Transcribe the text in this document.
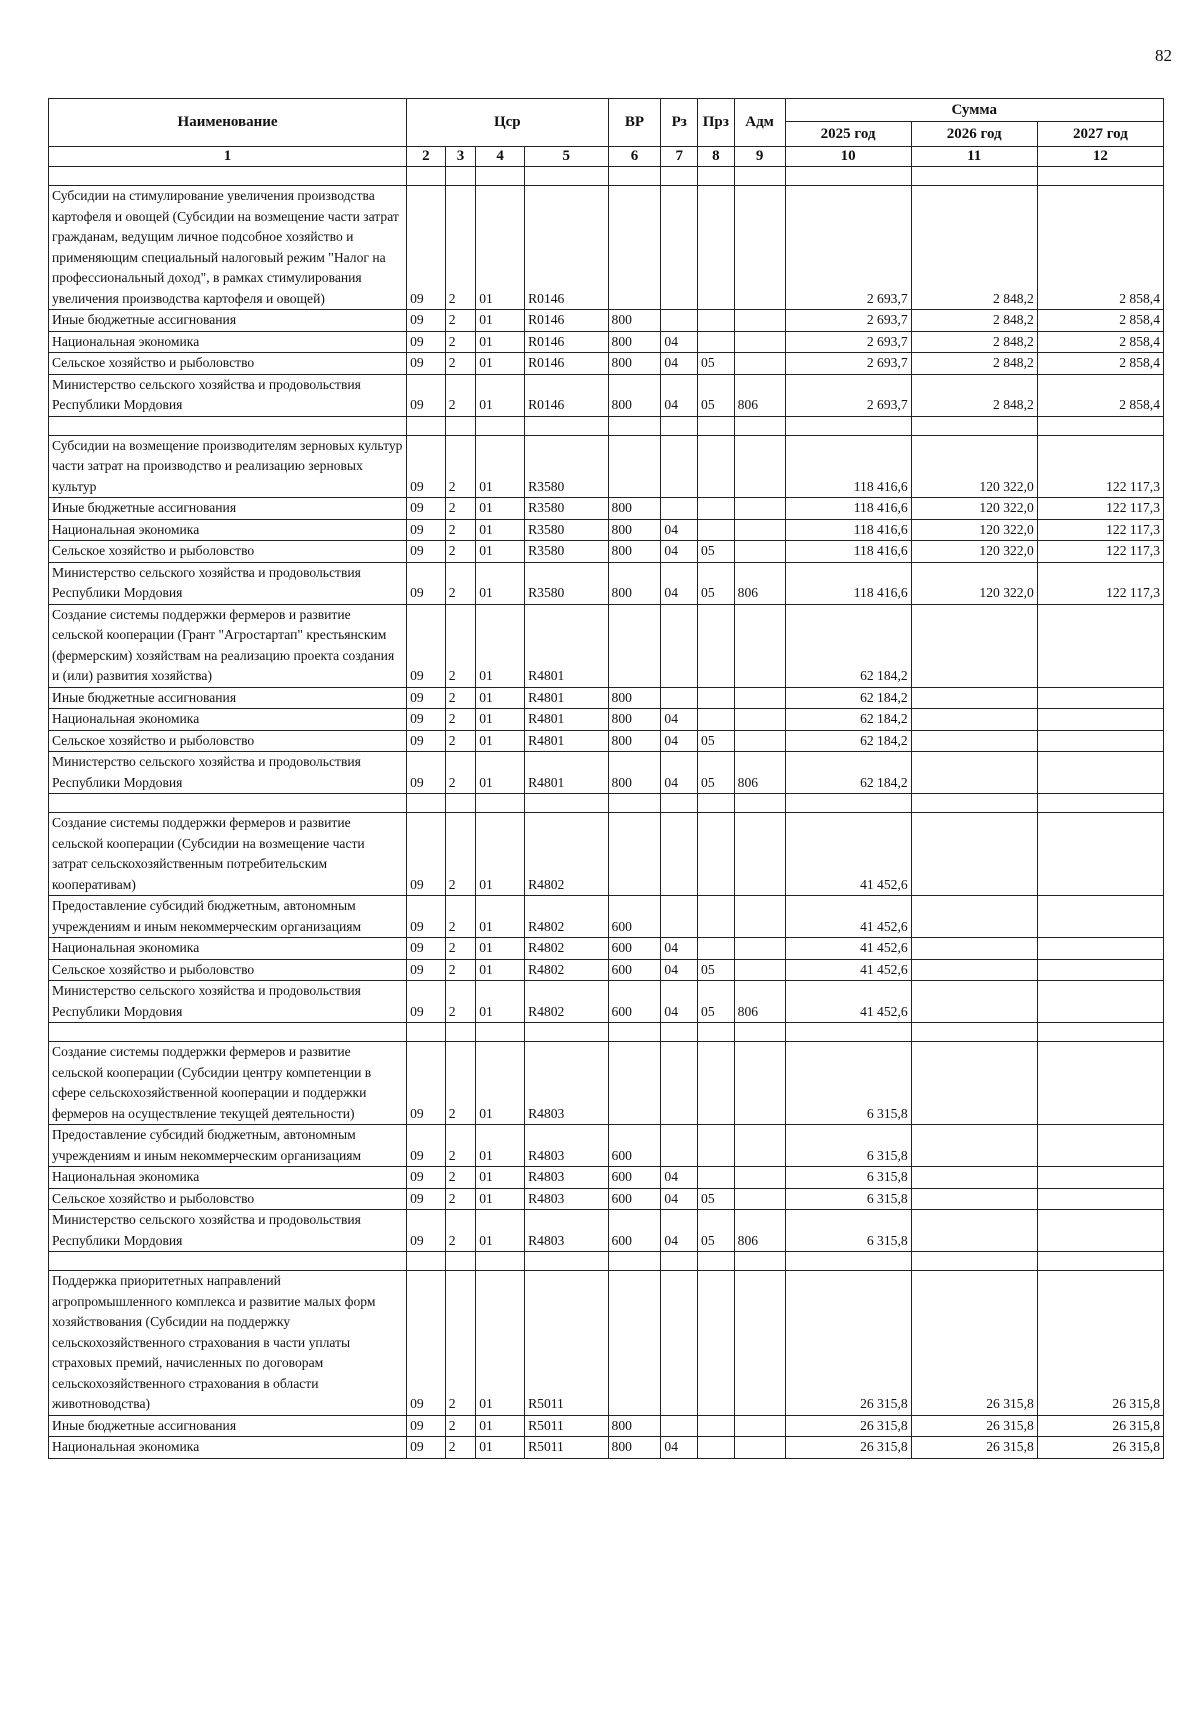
82
Наименование	Цср				ВР	Рз	Прз	Адм	Сумма		
									2025 год	2026 год	2027 год
1	2	3	4	5	6	7	8	9	10	11	12

Субсидии на стимулирование увеличения производства картофеля и овощей (Субсидии на возмещение части затрат гражданам, ведущим личное подсобное хозяйство и применяющим специальный налоговый режим "Налог на профессиональный доход", в рамках стимулирования увеличения производства картофеля и овощей)	09	2	01	R0146					2 693,7	2 848,2	2 858,4
Иные бюджетные ассигнования	09	2	01	R0146	800				2 693,7	2 848,2	2 858,4
Национальная экономика	09	2	01	R0146	800	04			2 693,7	2 848,2	2 858,4
Сельское хозяйство и рыболовство	09	2	01	R0146	800	04	05		2 693,7	2 848,2	2 858,4
Министерство сельского хозяйства и продовольствия Республики Мордовия	09	2	01	R0146	800	04	05	806	2 693,7	2 848,2	2 858,4

Субсидии на возмещение производителям зерновых культур части затрат на производство и реализацию зерновых культур	09	2	01	R3580					118 416,6	120 322,0	122 117,3
Иные бюджетные ассигнования	09	2	01	R3580	800				118 416,6	120 322,0	122 117,3
Национальная экономика	09	2	01	R3580	800	04			118 416,6	120 322,0	122 117,3
Сельское хозяйство и рыболовство	09	2	01	R3580	800	04	05		118 416,6	120 322,0	122 117,3
Министерство сельского хозяйства и продовольствия Республики Мордовия	09	2	01	R3580	800	04	05	806	118 416,6	120 322,0	122 117,3
Создание системы поддержки фермеров и развитие сельской кооперации (Грант "Агростартап" крестьянским (фермерским) хозяйствам на реализацию проекта создания и (или) развития хозяйства)	09	2	01	R4801					62 184,2		
Иные бюджетные ассигнования	09	2	01	R4801	800				62 184,2		
Национальная экономика	09	2	01	R4801	800	04			62 184,2		
Сельское хозяйство и рыболовство	09	2	01	R4801	800	04	05		62 184,2		
Министерство сельского хозяйства и продовольствия Республики Мордовия	09	2	01	R4801	800	04	05	806	62 184,2		

Создание системы поддержки фермеров и развитие сельской кооперации (Субсидии на возмещение части затрат сельскохозяйственным потребительским кооперативам)	09	2	01	R4802					41 452,6		
Предоставление субсидий бюджетным, автономным учреждениям и иным некоммерческим организациям	09	2	01	R4802	600				41 452,6		
Национальная экономика	09	2	01	R4802	600	04			41 452,6		
Сельское хозяйство и рыболовство	09	2	01	R4802	600	04	05		41 452,6		
Министерство сельского хозяйства и продовольствия Республики Мордовия	09	2	01	R4802	600	04	05	806	41 452,6		

Создание системы поддержки фермеров и развитие сельской кооперации (Субсидии центру компетенции в сфере сельскохозяйственной кооперации и поддержки фермеров на осуществление текущей деятельности)	09	2	01	R4803					6 315,8		
Предоставление субсидий бюджетным, автономным учреждениям и иным некоммерческим организациям	09	2	01	R4803	600				6 315,8		
Национальная экономика	09	2	01	R4803	600	04			6 315,8		
Сельское хозяйство и рыболовство	09	2	01	R4803	600	04	05		6 315,8		
Министерство сельского хозяйства и продовольствия Республики Мордовия	09	2	01	R4803	600	04	05	806	6 315,8		

Поддержка приоритетных направлений агропромышленного комплекса и развитие малых форм хозяйствования (Субсидии на поддержку сельскохозяйственного страхования в части уплаты страховых премий, начисленных по договорам сельскохозяйственного страхования в области животноводства)	09	2	01	R5011					26 315,8	26 315,8	26 315,8
Иные бюджетные ассигнования	09	2	01	R5011	800				26 315,8	26 315,8	26 315,8
Национальная экономика	09	2	01	R5011	800	04			26 315,8	26 315,8	26 315,8
